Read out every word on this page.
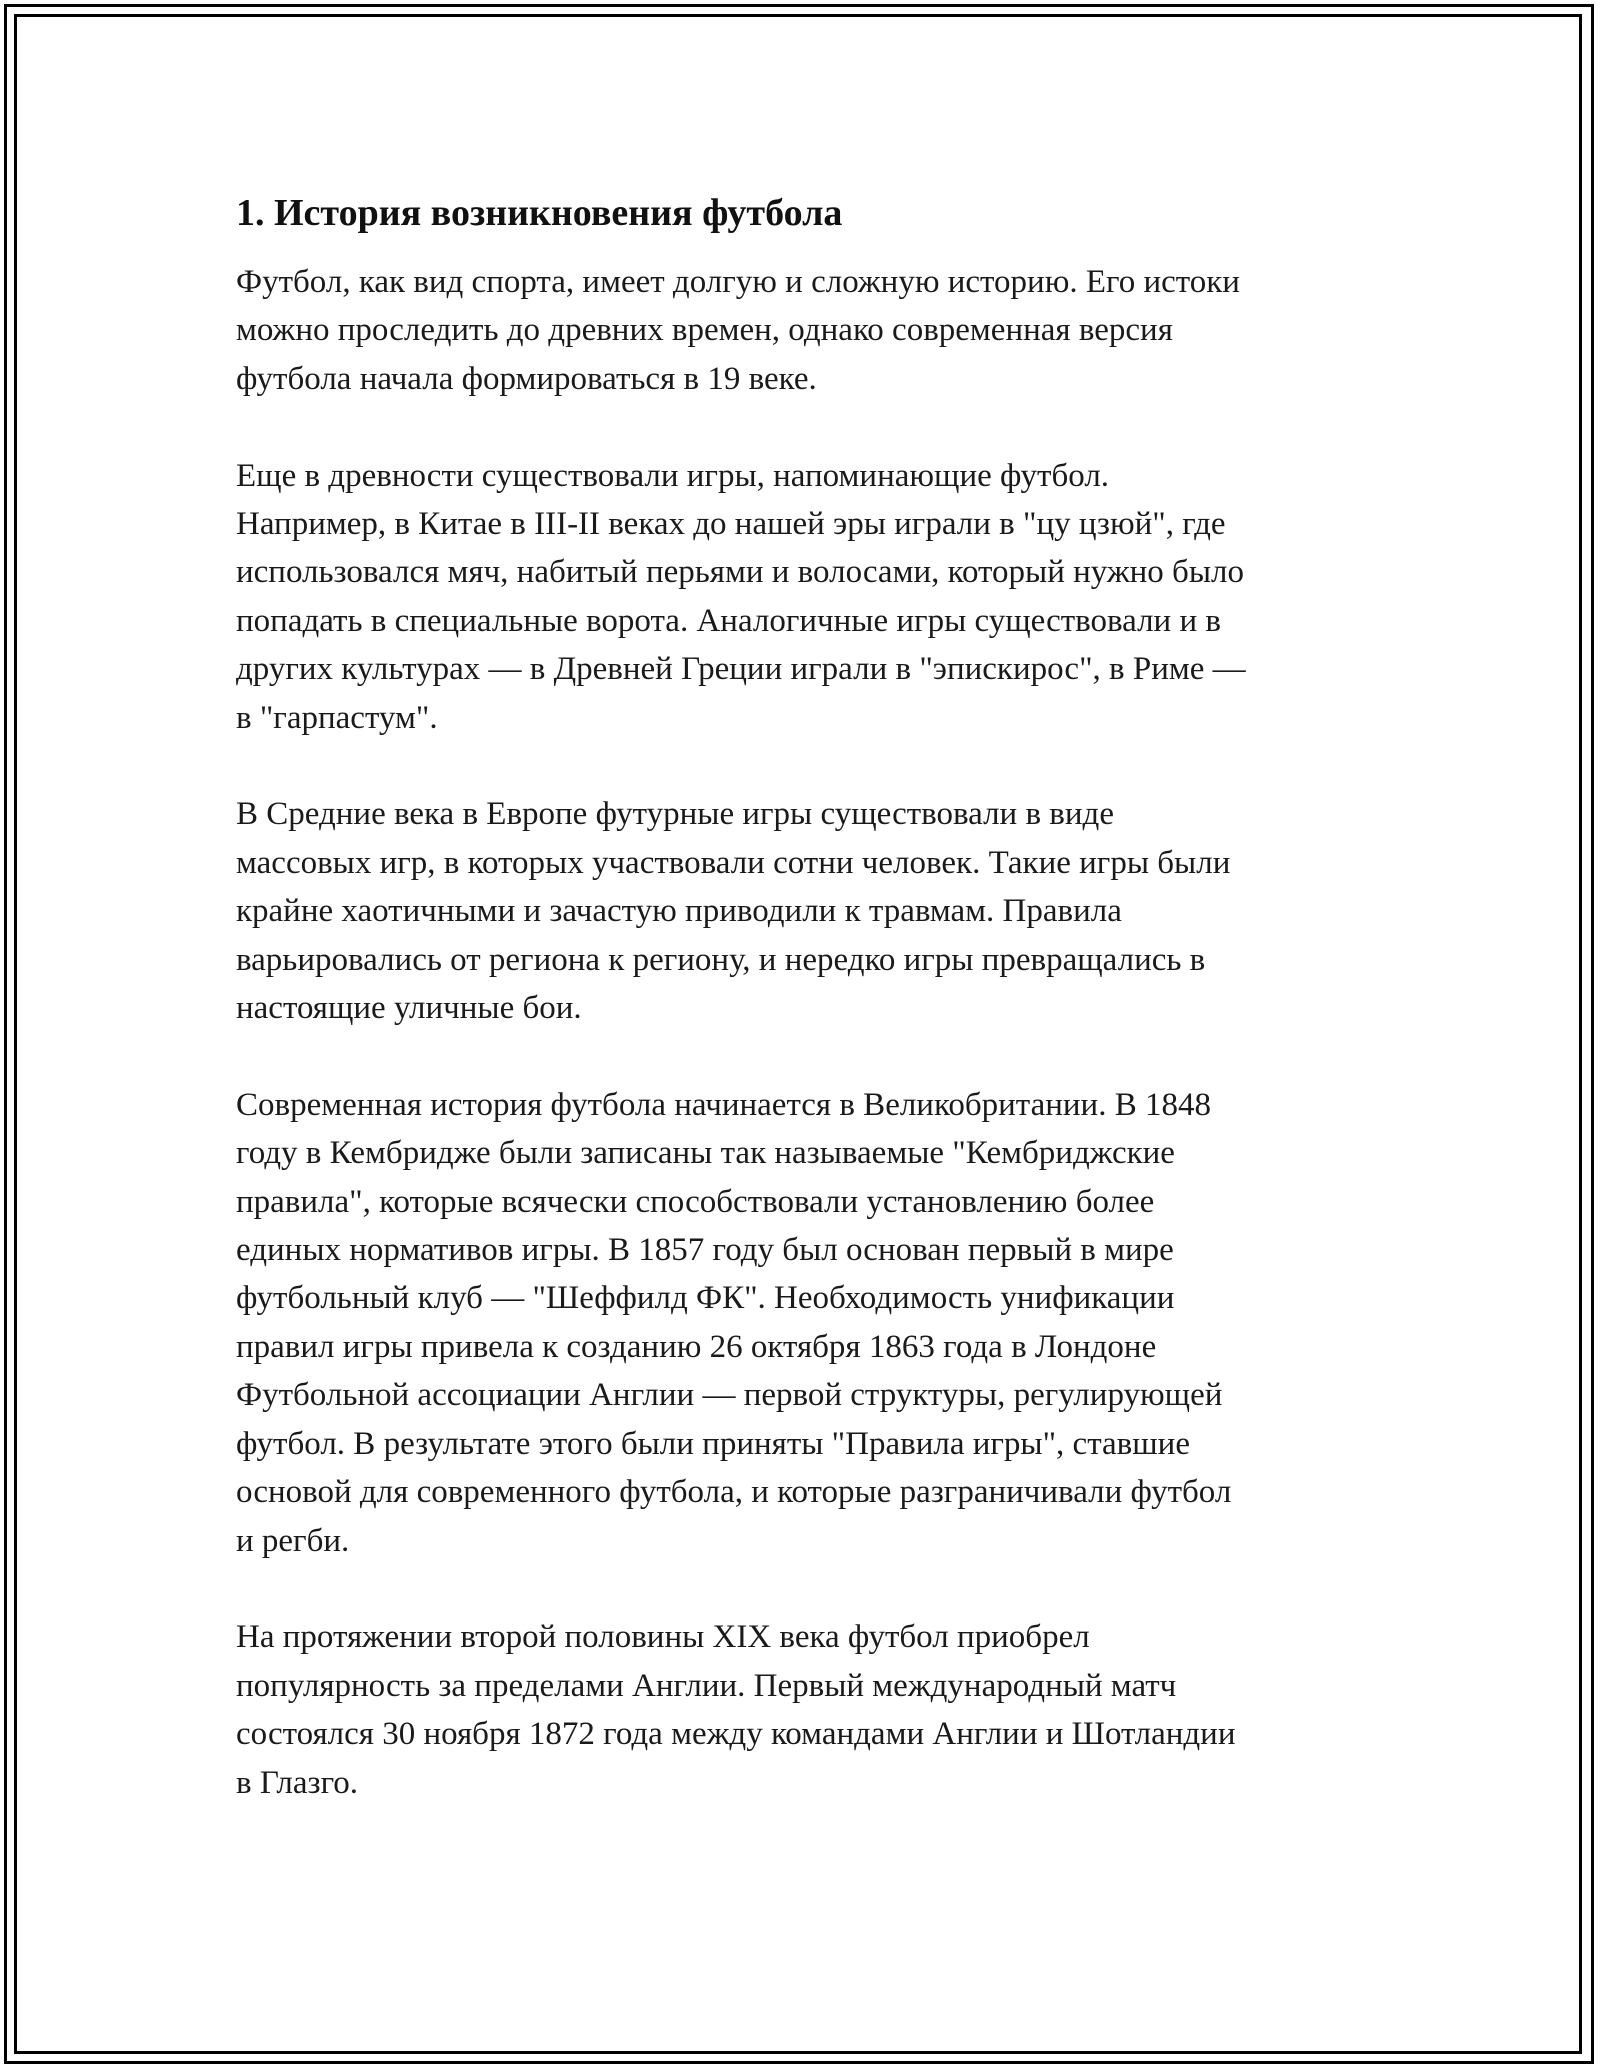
1. История возникновения футбола

Футбол, как вид спорта, имеет долгую и сложную историю. Его истоки
можно проследить до древних времен, однако современная версия
футбола начала формироваться в 19 веке.

Еще в древности существовали игры, напоминающие футбол.
Например, в Китае в III-II веках до нашей эры играли в "цу цзюй", где
использовался мяч, набитый перьями и волосами, который нужно было
попадать в специальные ворота. Аналогичные игры существовали и в
других культурах — в Древней Греции играли в "эпискирос", в Риме —
в "гарпастум".

В Средние века в Европе футурные игры существовали в виде
массовых игр, в которых участвовали сотни человек. Такие игры были
крайне хаотичными и зачастую приводили к травмам. Правила
варьировались от региона к региону, и нередко игры превращались в
настоящие уличные бои.

Современная история футбола начинается в Великобритании. В 1848
году в Кембридже были записаны так называемые "Кембриджские
правила", которые всячески способствовали установлению более
единых нормативов игры. В 1857 году был основан первый в мире
футбольный клуб — "Шеффилд ФК". Необходимость унификации
правил игры привела к созданию 26 октября 1863 года в Лондоне
Футбольной ассоциации Англии — первой структуры, регулирующей
футбол. В результате этого были приняты "Правила игры", ставшие
основой для современного футбола, и которые разграничивали футбол
и регби.

На протяжении второй половины XIX века футбол приобрел
популярность за пределами Англии. Первый международный матч
состоялся 30 ноября 1872 года между командами Англии и Шотландии
в Глазго.
